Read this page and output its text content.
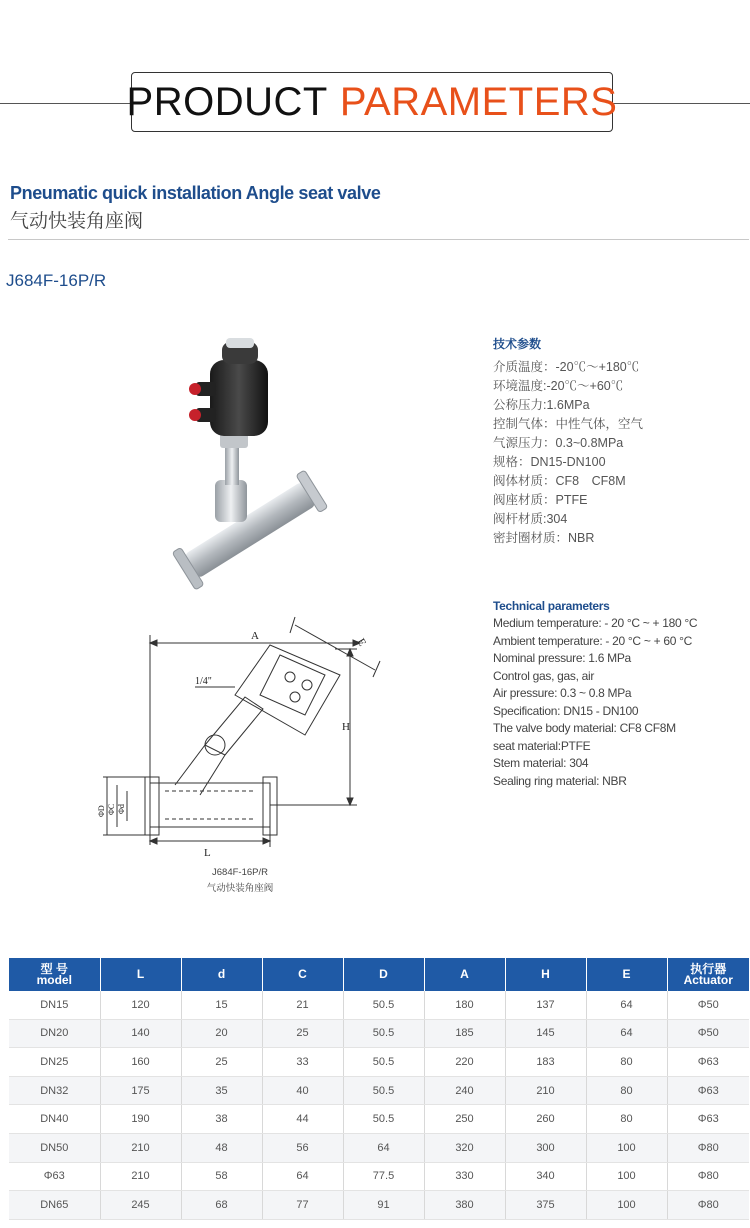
PRODUCT PARAMETERS
Pneumatic quick installation Angle seat valve
气动快装角座阀
J684F-16P/R
A
E
H
L
1/4"
ΦD ΦC Φd
J684F-16P/R
气动快装角座阀
技术参数
介质温度：-20℃～+180℃
环境温度:-20℃～+60℃
公称压力:1.6MPa
控制气体：中性气体，空气
气源压力：0.3~0.8MPa
规格：DN15-DN100
阀体材质：CF8　CF8M
阀座材质：PTFE
阀杆材质:304
密封圈材质：NBR
Technical parameters
Medium temperature: - 20 °C ~ + 180 °C
Ambient temperature: - 20 °C ~ + 60 °C
Nominal pressure: 1.6 MPa
Control gas, gas, air
Air pressure: 0.3 ~ 0.8 MPa
Specification: DN15 - DN100
The valve body material: CF8 CF8M
seat material:PTFE
Stem material: 304
Sealing ring material: NBR
型 号
model	L	d	C	D	A	H	E	执行器
Actuator
DN15	120	15	21	50.5	180	137	64	Φ50
DN20	140	20	25	50.5	185	145	64	Φ50
DN25	160	25	33	50.5	220	183	80	Φ63
DN32	175	35	40	50.5	240	210	80	Φ63
DN40	190	38	44	50.5	250	260	80	Φ63
DN50	210	48	56	64	320	300	100	Φ80
Φ63	210	58	64	77.5	330	340	100	Φ80
DN65	245	68	77	91	380	375	100	Φ80
